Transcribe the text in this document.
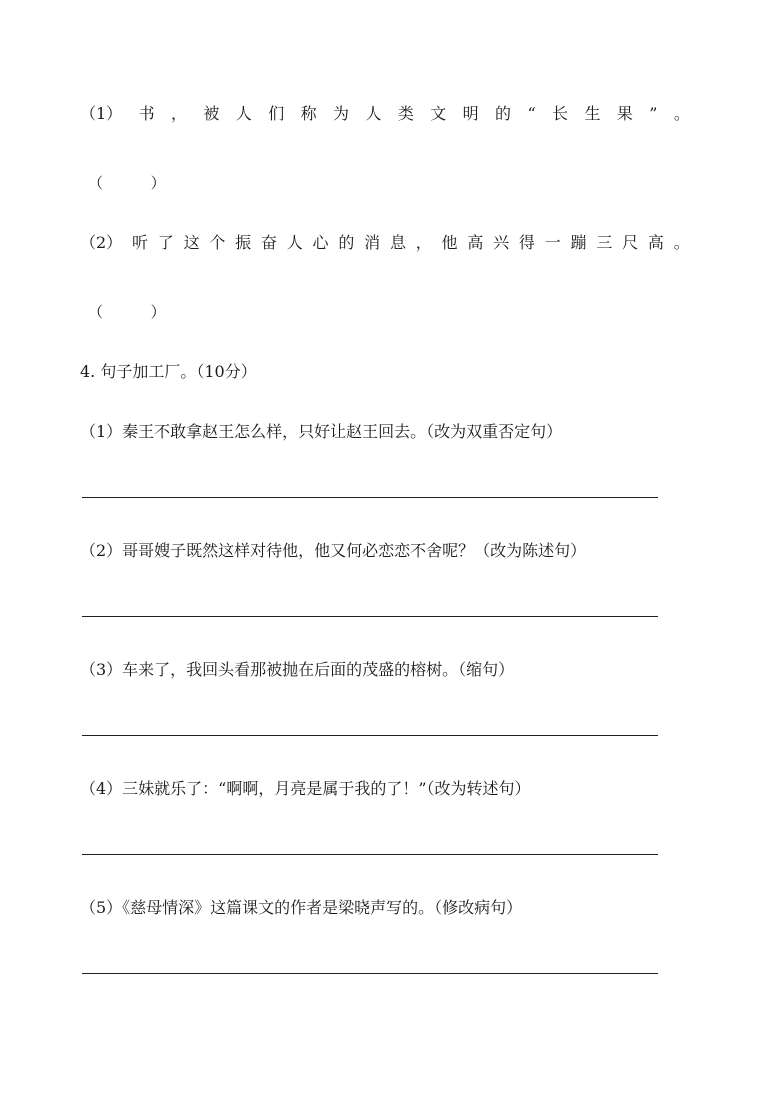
（1） 书 ， 被 人 们 称 为 人 类 文 明 的 “ 长 生 果 ” 。
（          ）
（2） 听 了 这 个 振 奋 人 心 的 消 息 ， 他 高 兴 得 一 蹦 三 尺 高 。
（          ）
4. 句子加工厂。（10分）
（1）秦王不敢拿赵王怎么样，只好让赵王回去。（改为双重否定句）
（2）哥哥嫂子既然这样对待他，他又何必恋恋不舍呢？（改为陈述句）
（3）车来了，我回头看那被抛在后面的茂盛的榕树。（缩句）
（4）三妹就乐了：“啊啊，月亮是属于我的了！”（改为转述句）
（5）《慈母情深》这篇课文的作者是梁晓声写的。（修改病句）
